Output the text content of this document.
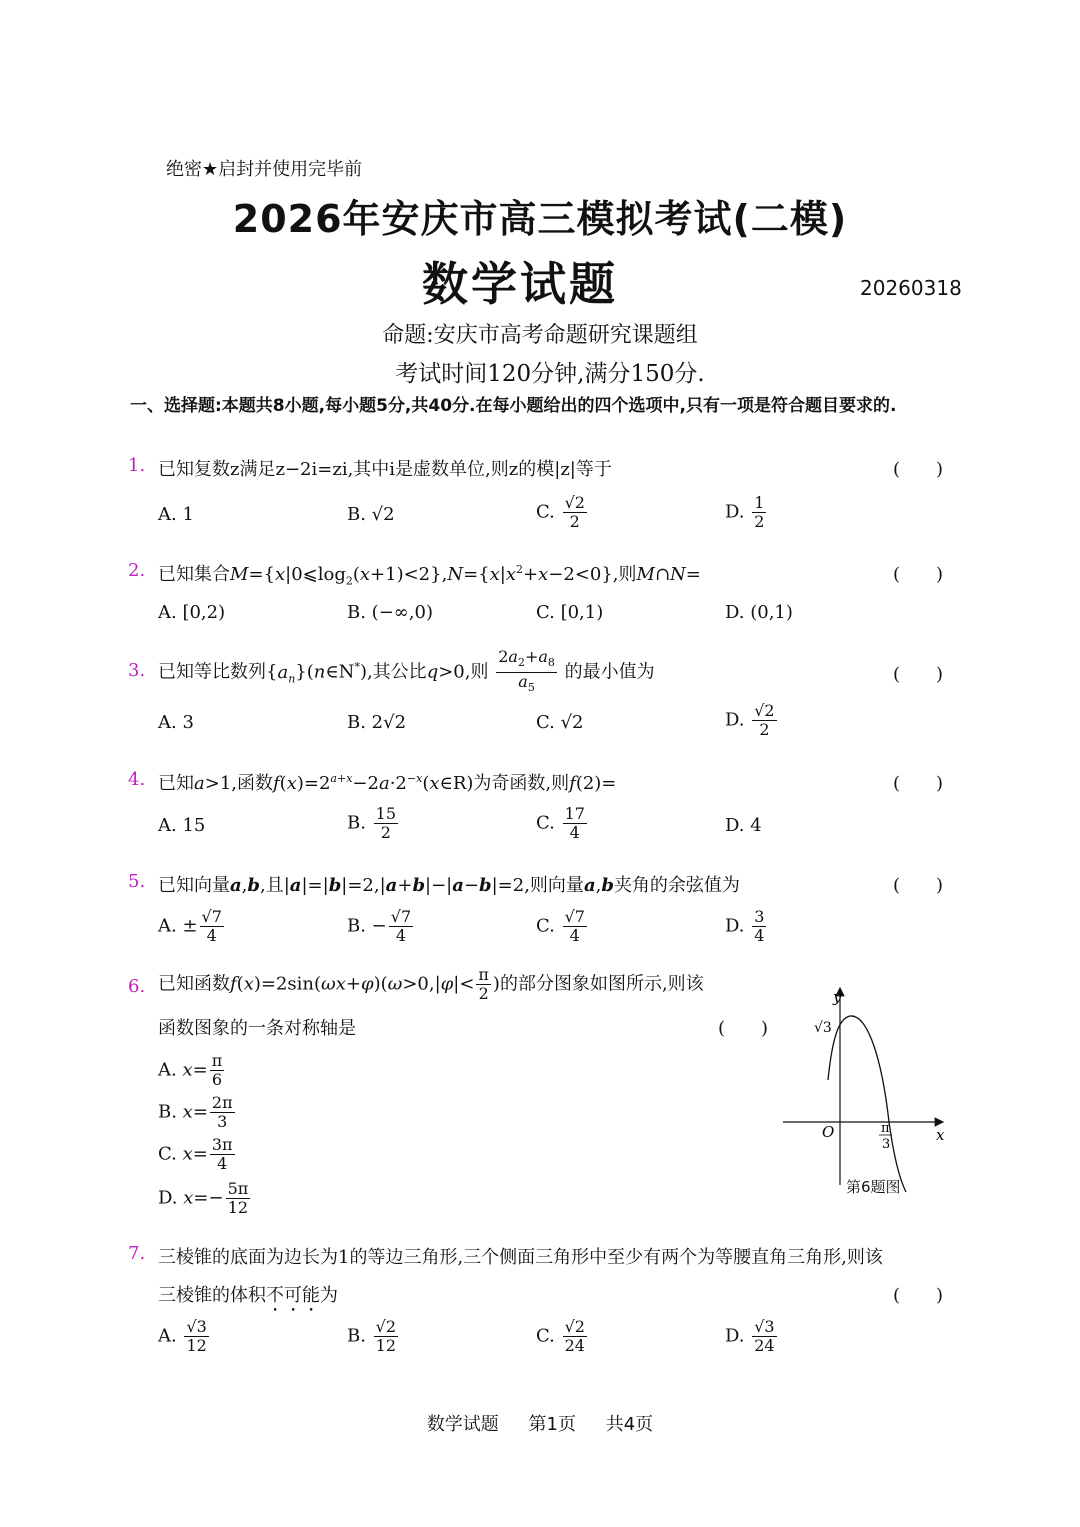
绝密★启封并使用完毕前
2026年安庆市高三模拟考试(二模)
数学试题	20260318
命题:安庆市高考命题研究课题组
考试时间120分钟,满分150分.
一、选择题:本题共8小题,每小题5分,共40分.在每小题给出的四个选项中,只有一项是符合题目要求的.
1. 已知复数z满足z−2i=zi,其中i是虚数单位,则z的模|z|等于	(　　)
A. 1	B. √2	C. $\frac{√2}{2}$	D. $\frac{1}{2}$
2. 已知集合$M=\{x|0⩽\log_2(x+1)<2\},N=\{x|x^2+x-2<0\}$,则M∩N=	(　　)
A. [0,2)	B. (−∞,0)	C. [0,1)	D. (0,1)
3. 已知等比数列$\{a_n\}(n\in N^*)$,其公比q>0,则 $\frac{2a_2+a_8}{a_5}$ 的最小值为	(　　)
A. 3	B. 2√2	C. √2	D. $\frac{√2}{2}$
4. 已知a>1,函数$f(x)=2^{a+x}-2a\cdot 2^{-x}(x\in R)$为奇函数,则f(2)=	(　　)
A. 15	B. $\frac{15}{2}$	C. $\frac{17}{4}$	D. 4
5. 已知向量a,b,且|a|=|b|=2,|a+b|−|a−b|=2,则向量a,b夹角的余弦值为	(　　)
A. ± $\frac{√7}{4}$	B. − $\frac{√7}{4}$	C. $\frac{√7}{4}$	D. $\frac{3}{4}$
6. 已知函数$f(x)=2\sin(\omega x+\varphi)(\omega>0,|\varphi|< \frac{\pi}{2}$ )的部分图象如图所示,则该
函数图象的一条对称轴是	(　　)
A. $x= \frac{\pi}{6}$
B. $x= \frac{2\pi}{3}$
C. $x= \frac{3\pi}{4}$
D. $x=- \frac{5\pi}{12}$
y
x
O
√3
π
3
第6题图
7. 三棱锥的底面为边长为1的等边三角形,三个侧面三角形中至少有两个为等腰直角三角形,则该
三棱锥的体积不可能为	(　　)
A. $\frac{√3}{12}$	B. $\frac{√2}{12}$	C. $\frac{√2}{24}$	D. $\frac{√3}{24}$
数学试题 第1页 共4页
